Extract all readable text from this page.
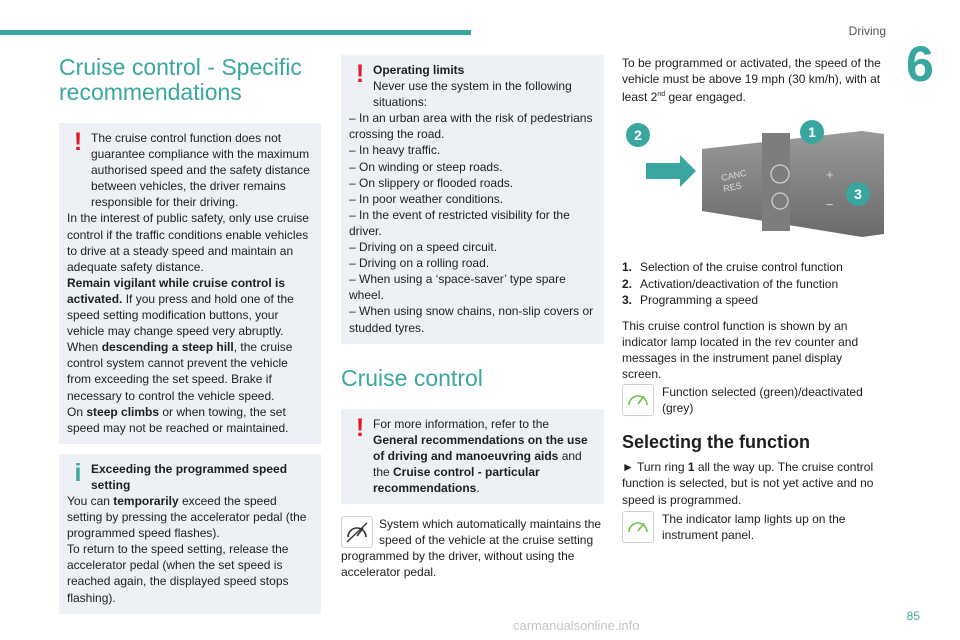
Driving
6
Cruise control - Specific recommendations
! The cruise control function does not guarantee compliance with the maximum authorised speed and the safety distance between vehicles, the driver remains responsible for their driving.

In the interest of public safety, only use cruise control if the traffic conditions enable vehicles to drive at a steady speed and maintain an adequate safety distance.

Remain vigilant while cruise control is activated. If you press and hold one of the speed setting modification buttons, your vehicle may change speed very abruptly.

When descending a steep hill, the cruise control system cannot prevent the vehicle from exceeding the set speed. Brake if necessary to control the vehicle speed.

On steep climbs or when towing, the set speed may not be reached or maintained.

i Exceeding the programmed speed setting

You can temporarily exceed the speed setting by pressing the accelerator pedal (the programmed speed flashes).

To return to the speed setting, release the accelerator pedal (when the set speed is reached again, the displayed speed stops flashing).

! Operating limits

Never use the system in the following situations:

– In an urban area with the risk of pedestrians crossing the road.

– In heavy traffic.

– On winding or steep roads.

– On slippery or flooded roads.

– In poor weather conditions.

– In the event of restricted visibility for the driver.

– Driving on a speed circuit.

– Driving on a rolling road.

– When using a ‘space-saver’ type spare wheel.

– When using snow chains, non-slip covers or studded tyres.

Cruise control
! For more information, refer to the General recommendations on the use of driving and manoeuvring aids and the Cruise control - particular recommendations.

System which automatically maintains the speed of the vehicle at the cruise setting programmed by the driver, without using the accelerator pedal.

To be programmed or activated, the speed of the vehicle must be above 19 mph (30 km/h), with at least 2nd gear engaged.

CANC
RES
+
−
2	1
3
1. Selection of the cruise control function
2. Activation/deactivation of the function
3. Programming a speed

This cruise control function is shown by an indicator lamp located in the rev counter and messages in the instrument panel display screen.

Function selected (green)/deactivated (grey)

Selecting the function

► Turn ring 1 all the way up. The cruise control function is selected, but is not yet active and no speed is programmed.

The indicator lamp lights up on the instrument panel.

85
carmanualsonline.info
